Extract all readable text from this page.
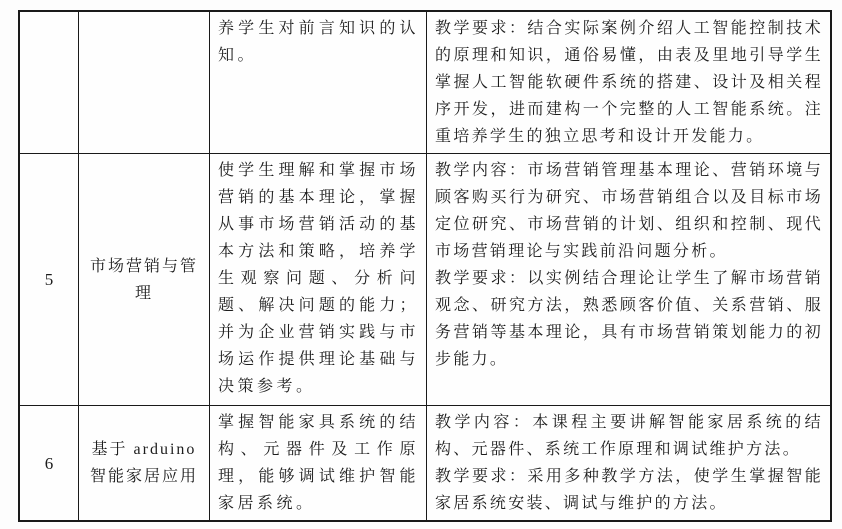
养学生对前言知识的认知。

教学要求：结合实际案例介绍人工智能控制技术的原理和知识，通俗易懂，由表及里地引导学生掌握人工智能软硬件系统的搭建、设计及相关程序开发，进而建构一个完整的人工智能系统。注重培养学生的独立思考和设计开发能力。

5
市场营销与管理

使学生理解和掌握市场营销的基本理论，掌握从事市场营销活动的基本方法和策略，培养学生观察问题、分析问题、解决问题的能力；并为企业营销实践与市场运作提供理论基础与决策参考。

教学内容：市场营销管理基本理论、营销环境与顾客购买行为研究、市场营销组合以及目标市场定位研究、市场营销的计划、组织和控制、现代市场营销理论与实践前沿问题分析。

教学要求：以实例结合理论让学生了解市场营销观念、研究方法，熟悉顾客价值、关系营销、服务营销等基本理论，具有市场营销策划能力的初步能力。

6
基于 arduino 智能家居应用

掌握智能家具系统的结构、元器件及工作原理，能够调试维护智能家居系统。

教学内容：本课程主要讲解智能家居系统的结构、元器件、系统工作原理和调试维护方法。

教学要求：采用多种教学方法，使学生掌握智能家居系统安装、调试与维护的方法。
